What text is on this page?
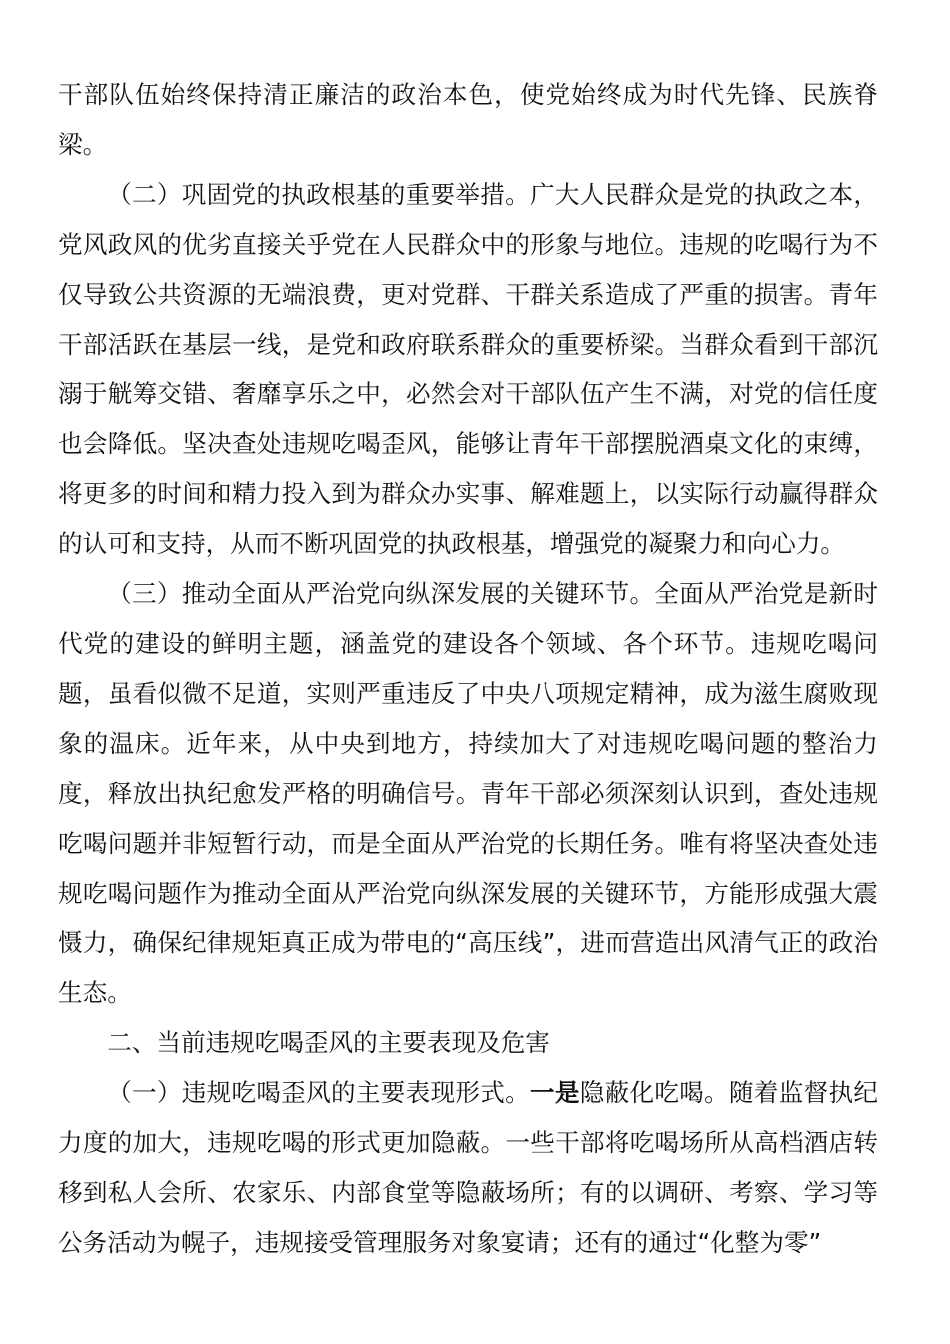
干部队伍始终保持清正廉洁的政治本色，使党始终成为时代先锋、民族脊梁。

（二）巩固党的执政根基的重要举措。广大人民群众是党的执政之本，党风政风的优劣直接关乎党在人民群众中的形象与地位。违规的吃喝行为不仅导致公共资源的无端浪费，更对党群、干群关系造成了严重的损害。青年干部活跃在基层一线，是党和政府联系群众的重要桥梁。当群众看到干部沉溺于觥筹交错、奢靡享乐之中，必然会对干部队伍产生不满，对党的信任度也会降低。坚决查处违规吃喝歪风，能够让青年干部摆脱酒桌文化的束缚，将更多的时间和精力投入到为群众办实事、解难题上，以实际行动赢得群众的认可和支持，从而不断巩固党的执政根基，增强党的凝聚力和向心力。

（三）推动全面从严治党向纵深发展的关键环节。全面从严治党是新时代党的建设的鲜明主题，涵盖党的建设各个领域、各个环节。违规吃喝问题，虽看似微不足道，实则严重违反了中央八项规定精神，成为滋生腐败现象的温床。近年来，从中央到地方，持续加大了对违规吃喝问题的整治力度，释放出执纪愈发严格的明确信号。青年干部必须深刻认识到，查处违规吃喝问题并非短暂行动，而是全面从严治党的长期任务。唯有将坚决查处违规吃喝问题作为推动全面从严治党向纵深发展的关键环节，方能形成强大震慑力，确保纪律规矩真正成为带电的“高压线”，进而营造出风清气正的政治生态。

二、当前违规吃喝歪风的主要表现及危害

（一）违规吃喝歪风的主要表现形式。一是隐蔽化吃喝。随着监督执纪力度的加大，违规吃喝的形式更加隐蔽。一些干部将吃喝场所从高档酒店转移到私人会所、农家乐、内部食堂等隐蔽场所；有的以调研、考察、学习等公务活动为幌子，违规接受管理服务对象宴请；还有的通过“化整为零”
